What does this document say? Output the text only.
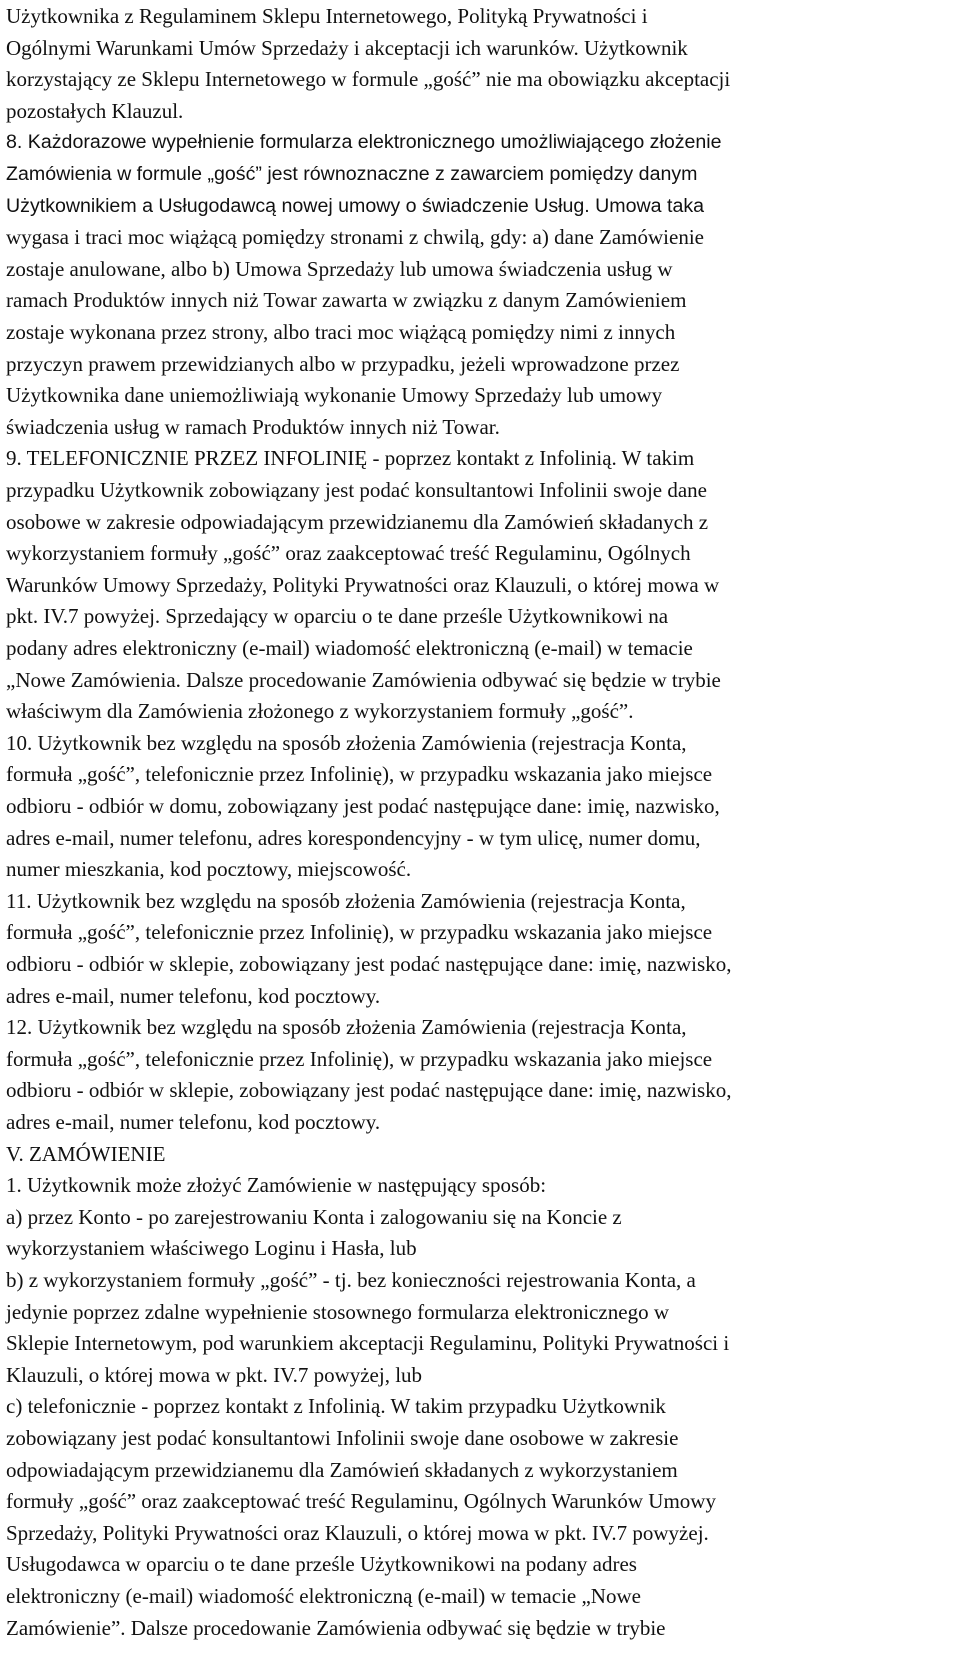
Użytkownika z Regulaminem Sklepu Internetowego, Polityką Prywatności i

Ogólnymi Warunkami Umów Sprzedaży i akceptacji ich warunków. Użytkownik

korzystający ze Sklepu Internetowego w formule „gość” nie ma obowiązku akceptacji

pozostałych Klauzul.

8. Każdorazowe wypełnienie formularza elektronicznego umożliwiającego złożenie

Zamówienia w formule „gość” jest równoznaczne z zawarciem pomiędzy danym

Użytkownikiem a Usługodawcą nowej umowy o świadczenie Usług. Umowa taka

wygasa i traci moc wiążącą pomiędzy stronami z chwilą, gdy: a) dane Zamówienie

zostaje anulowane, albo b) Umowa Sprzedaży lub umowa świadczenia usług w

ramach Produktów innych niż Towar zawarta w związku z danym Zamówieniem

zostaje wykonana przez strony, albo traci moc wiążącą pomiędzy nimi z innych

przyczyn prawem przewidzianych albo w przypadku, jeżeli wprowadzone przez

Użytkownika dane uniemożliwiają wykonanie Umowy Sprzedaży lub umowy

świadczenia usług w ramach Produktów innych niż Towar.

9. TELEFONICZNIE PRZEZ INFOLINIĘ - poprzez kontakt z Infolinią. W takim

przypadku Użytkownik zobowiązany jest podać konsultantowi Infolinii swoje dane

osobowe w zakresie odpowiadającym przewidzianemu dla Zamówień składanych z

wykorzystaniem formuły „gość” oraz zaakceptować treść Regulaminu, Ogólnych

Warunków Umowy Sprzedaży, Polityki Prywatności oraz Klauzuli, o której mowa w

pkt. IV.7 powyżej. Sprzedający w oparciu o te dane prześle Użytkownikowi na

podany adres elektroniczny (e-mail) wiadomość elektroniczną (e-mail) w temacie

„Nowe Zamówienia. Dalsze procedowanie Zamówienia odbywać się będzie w trybie

właściwym dla Zamówienia złożonego z wykorzystaniem formuły „gość”.

10. Użytkownik bez względu na sposób złożenia Zamówienia (rejestracja Konta,

formuła „gość”, telefonicznie przez Infolinię), w przypadku wskazania jako miejsce

odbioru - odbiór w domu, zobowiązany jest podać następujące dane: imię, nazwisko,

adres e-mail, numer telefonu, adres korespondencyjny - w tym ulicę, numer domu,

numer mieszkania, kod pocztowy, miejscowość.

11. Użytkownik bez względu na sposób złożenia Zamówienia (rejestracja Konta,

formuła „gość”, telefonicznie przez Infolinię), w przypadku wskazania jako miejsce

odbioru - odbiór w sklepie, zobowiązany jest podać następujące dane: imię, nazwisko,

adres e-mail, numer telefonu, kod pocztowy.

12. Użytkownik bez względu na sposób złożenia Zamówienia (rejestracja Konta,

formuła „gość”, telefonicznie przez Infolinię), w przypadku wskazania jako miejsce

odbioru - odbiór w sklepie, zobowiązany jest podać następujące dane: imię, nazwisko,

adres e-mail, numer telefonu, kod pocztowy.

V. ZAMÓWIENIE

1. Użytkownik może złożyć Zamówienie w następujący sposób:

a) przez Konto - po zarejestrowaniu Konta i zalogowaniu się na Koncie z

wykorzystaniem właściwego Loginu i Hasła, lub

b) z wykorzystaniem formuły „gość” - tj. bez konieczności rejestrowania Konta, a

jedynie poprzez zdalne wypełnienie stosownego formularza elektronicznego w

Sklepie Internetowym, pod warunkiem akceptacji Regulaminu, Polityki Prywatności i

Klauzuli, o której mowa w pkt. IV.7 powyżej, lub

c) telefonicznie - poprzez kontakt z Infolinią. W takim przypadku Użytkownik

zobowiązany jest podać konsultantowi Infolinii swoje dane osobowe w zakresie

odpowiadającym przewidzianemu dla Zamówień składanych z wykorzystaniem

formuły „gość” oraz zaakceptować treść Regulaminu, Ogólnych Warunków Umowy

Sprzedaży, Polityki Prywatności oraz Klauzuli, o której mowa w pkt. IV.7 powyżej.

Usługodawca w oparciu o te dane prześle Użytkownikowi na podany adres

elektroniczny (e-mail) wiadomość elektroniczną (e-mail) w temacie „Nowe

Zamówienie”. Dalsze procedowanie Zamówienia odbywać się będzie w trybie
